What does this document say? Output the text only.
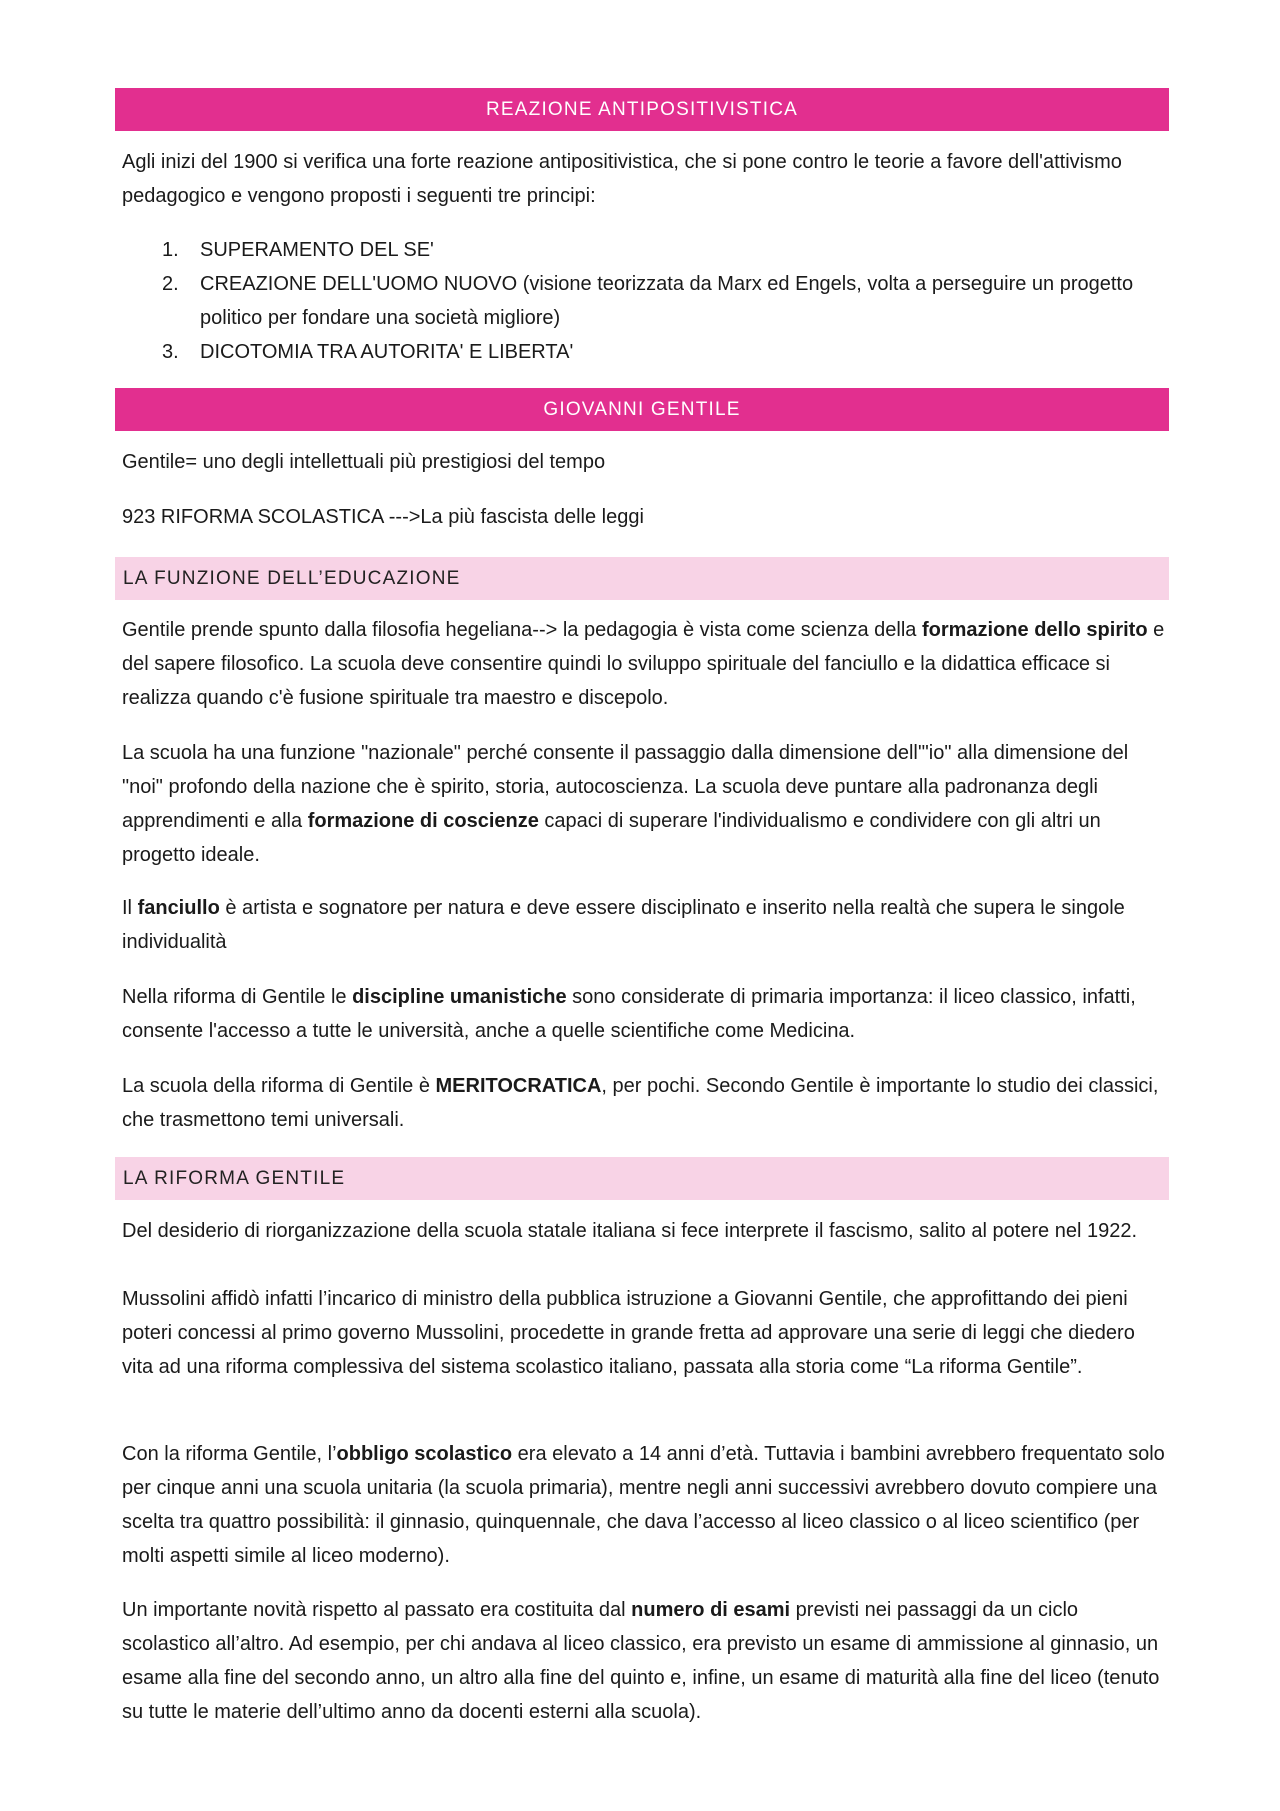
REAZIONE ANTIPOSITIVISTICA

Agli inizi del 1900 si verifica una forte reazione antipositivistica, che si pone contro le teorie a favore dell'attivismo pedagogico e vengono proposti i seguenti tre principi:

1.	SUPERAMENTO DEL SE'
2.	CREAZIONE DELL'UOMO NUOVO (visione teorizzata da Marx ed Engels, volta a perseguire un progetto politico per fondare una società migliore)
3.	DICOTOMIA TRA AUTORITA' E LIBERTA'
GIOVANNI GENTILE

Gentile= uno degli intellettuali più prestigiosi del tempo

923 RIFORMA SCOLASTICA --->La più fascista delle leggi

LA FUNZIONE DELL’EDUCAZIONE

Gentile prende spunto dalla filosofia hegeliana--> la pedagogia è vista come scienza della formazione dello spirito e del sapere filosofico. La scuola deve consentire quindi lo sviluppo spirituale del fanciullo e la didattica efficace si realizza quando c'è fusione spirituale tra maestro e discepolo.

La scuola ha una funzione "nazionale" perché consente il passaggio dalla dimensione dell'"io" alla dimensione del "noi" profondo della nazione che è spirito, storia, autocoscienza. La scuola deve puntare alla padronanza degli apprendimenti e alla formazione di coscienze capaci di superare l'individualismo e condividere con gli altri un progetto ideale.

Il fanciullo è artista e sognatore per natura e deve essere disciplinato e inserito nella realtà che supera le singole individualità

Nella riforma di Gentile le discipline umanistiche sono considerate di primaria importanza: il liceo classico, infatti, consente l'accesso a tutte le università, anche a quelle scientifiche come Medicina.

La scuola della riforma di Gentile è MERITOCRATICA, per pochi. Secondo Gentile è importante lo studio dei classici, che trasmettono temi universali.

LA RIFORMA GENTILE

Del desiderio di riorganizzazione della scuola statale italiana si fece interprete il fascismo, salito al potere nel 1922.

Mussolini affidò infatti l’incarico di ministro della pubblica istruzione a Giovanni Gentile, che approfittando dei pieni poteri concessi al primo governo Mussolini, procedette in grande fretta ad approvare una serie di leggi che diedero vita ad una riforma complessiva del sistema scolastico italiano, passata alla storia come “La riforma Gentile”.

Con la riforma Gentile, l’obbligo scolastico era elevato a 14 anni d’età. Tuttavia i bambini avrebbero frequentato solo per cinque anni una scuola unitaria (la scuola primaria), mentre negli anni successivi avrebbero dovuto compiere una scelta tra quattro possibilità: il ginnasio, quinquennale, che dava l’accesso al liceo classico o al liceo scientifico (per molti aspetti simile al liceo moderno).

Un importante novità rispetto al passato era costituita dal numero di esami previsti nei passaggi da un ciclo scolastico all’altro. Ad esempio, per chi andava al liceo classico, era previsto un esame di ammissione al ginnasio, un esame alla fine del secondo anno, un altro alla fine del quinto e, infine, un esame di maturità alla fine del liceo (tenuto su tutte le materie dell’ultimo anno da docenti esterni alla scuola).
